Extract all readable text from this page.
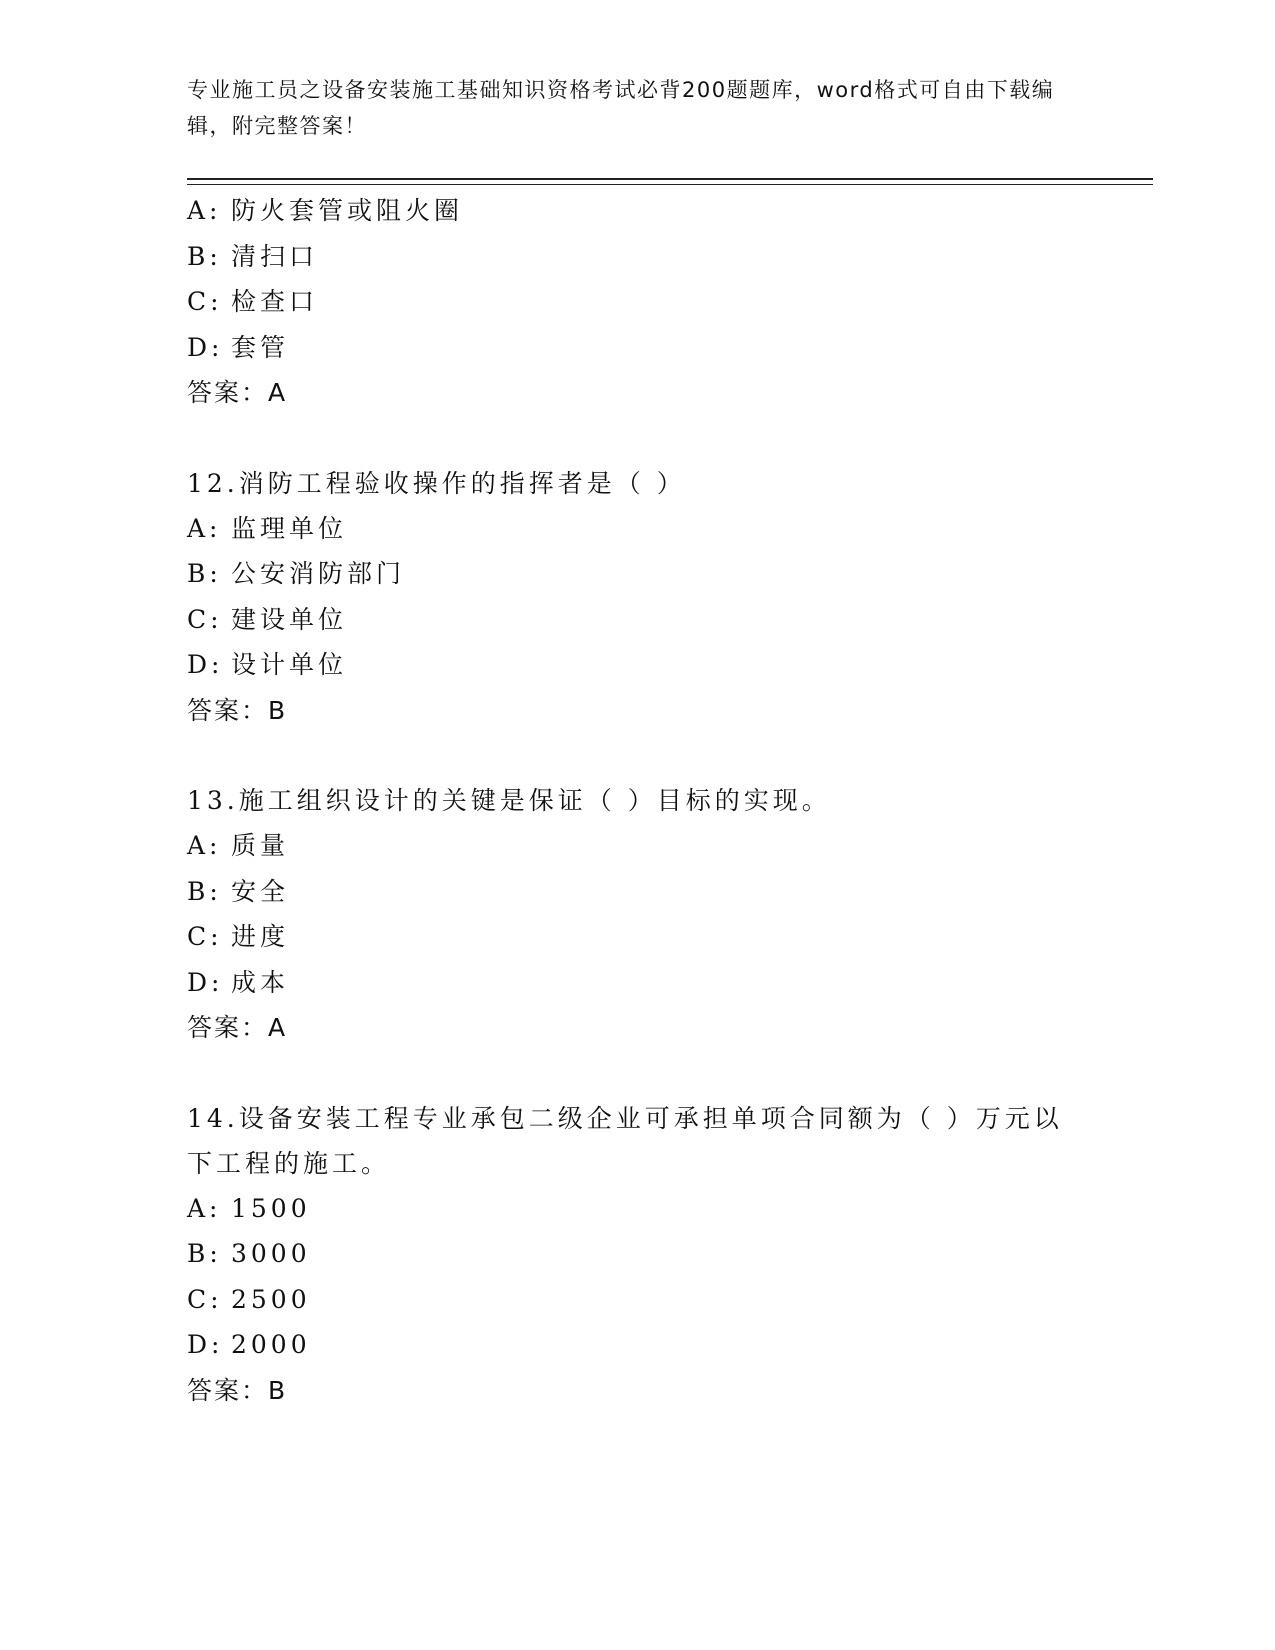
专业施工员之设备安装施工基础知识资格考试必背200题题库，word格式可自由下载编辑，附完整答案！

A: 防火套管或阻火圈

B: 清扫口

C: 检查口

D: 套管

答案：A

12.消防工程验收操作的指挥者是（ ）

A: 监理单位

B: 公安消防部门

C: 建设单位

D: 设计单位

答案：B

13.施工组织设计的关键是保证（ ）目标的实现。

A: 质量

B: 安全

C: 进度

D: 成本

答案：A

14.设备安装工程专业承包二级企业可承担单项合同额为（ ）万元以下工程的施工。

A: 1500

B: 3000

C: 2500

D: 2000

答案：B
